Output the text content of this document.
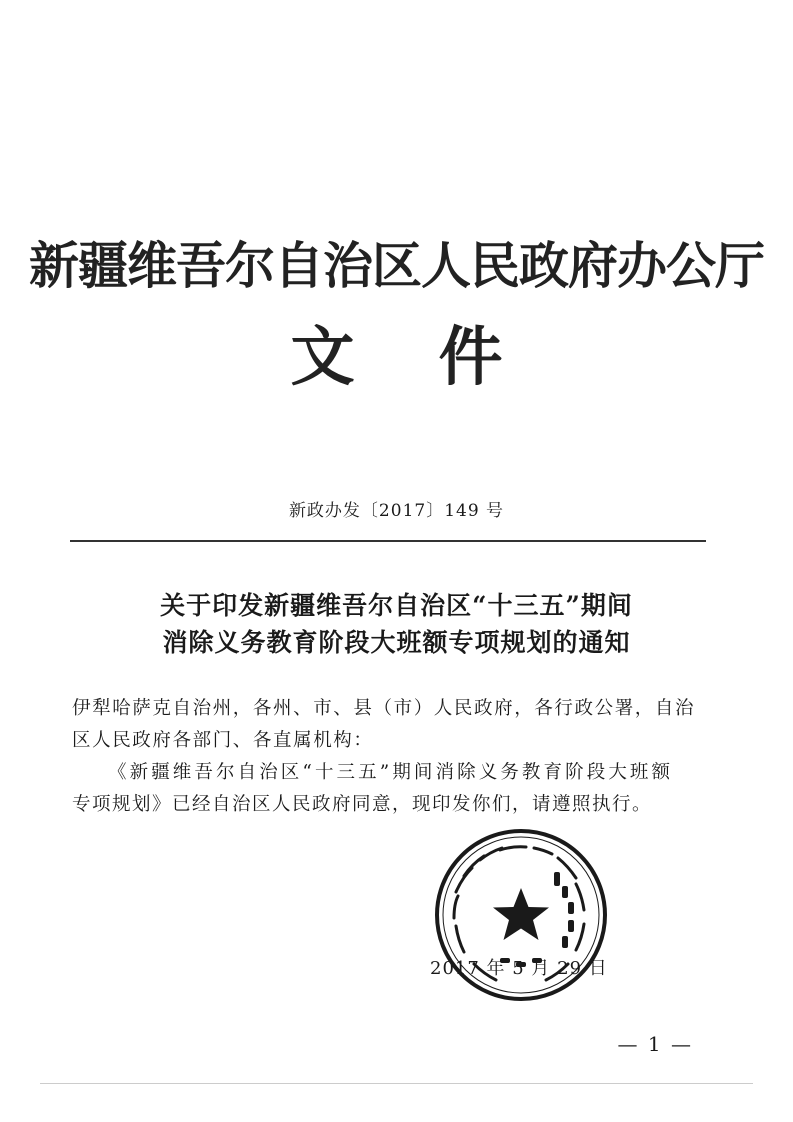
新疆维吾尔自治区人民政府办公厅
文件
新政办发〔2017〕149 号
关于印发新疆维吾尔自治区“十三五”期间
消除义务教育阶段大班额专项规划的通知
伊犁哈萨克自治州，各州、市、县（市）人民政府，各行政公署，自治
区人民政府各部门、各直属机构：
《新疆维吾尔自治区“十三五”期间消除义务教育阶段大班额
专项规划》已经自治区人民政府同意，现印发你们，请遵照执行。
2017 年 5 月 29 日
— 1 —
